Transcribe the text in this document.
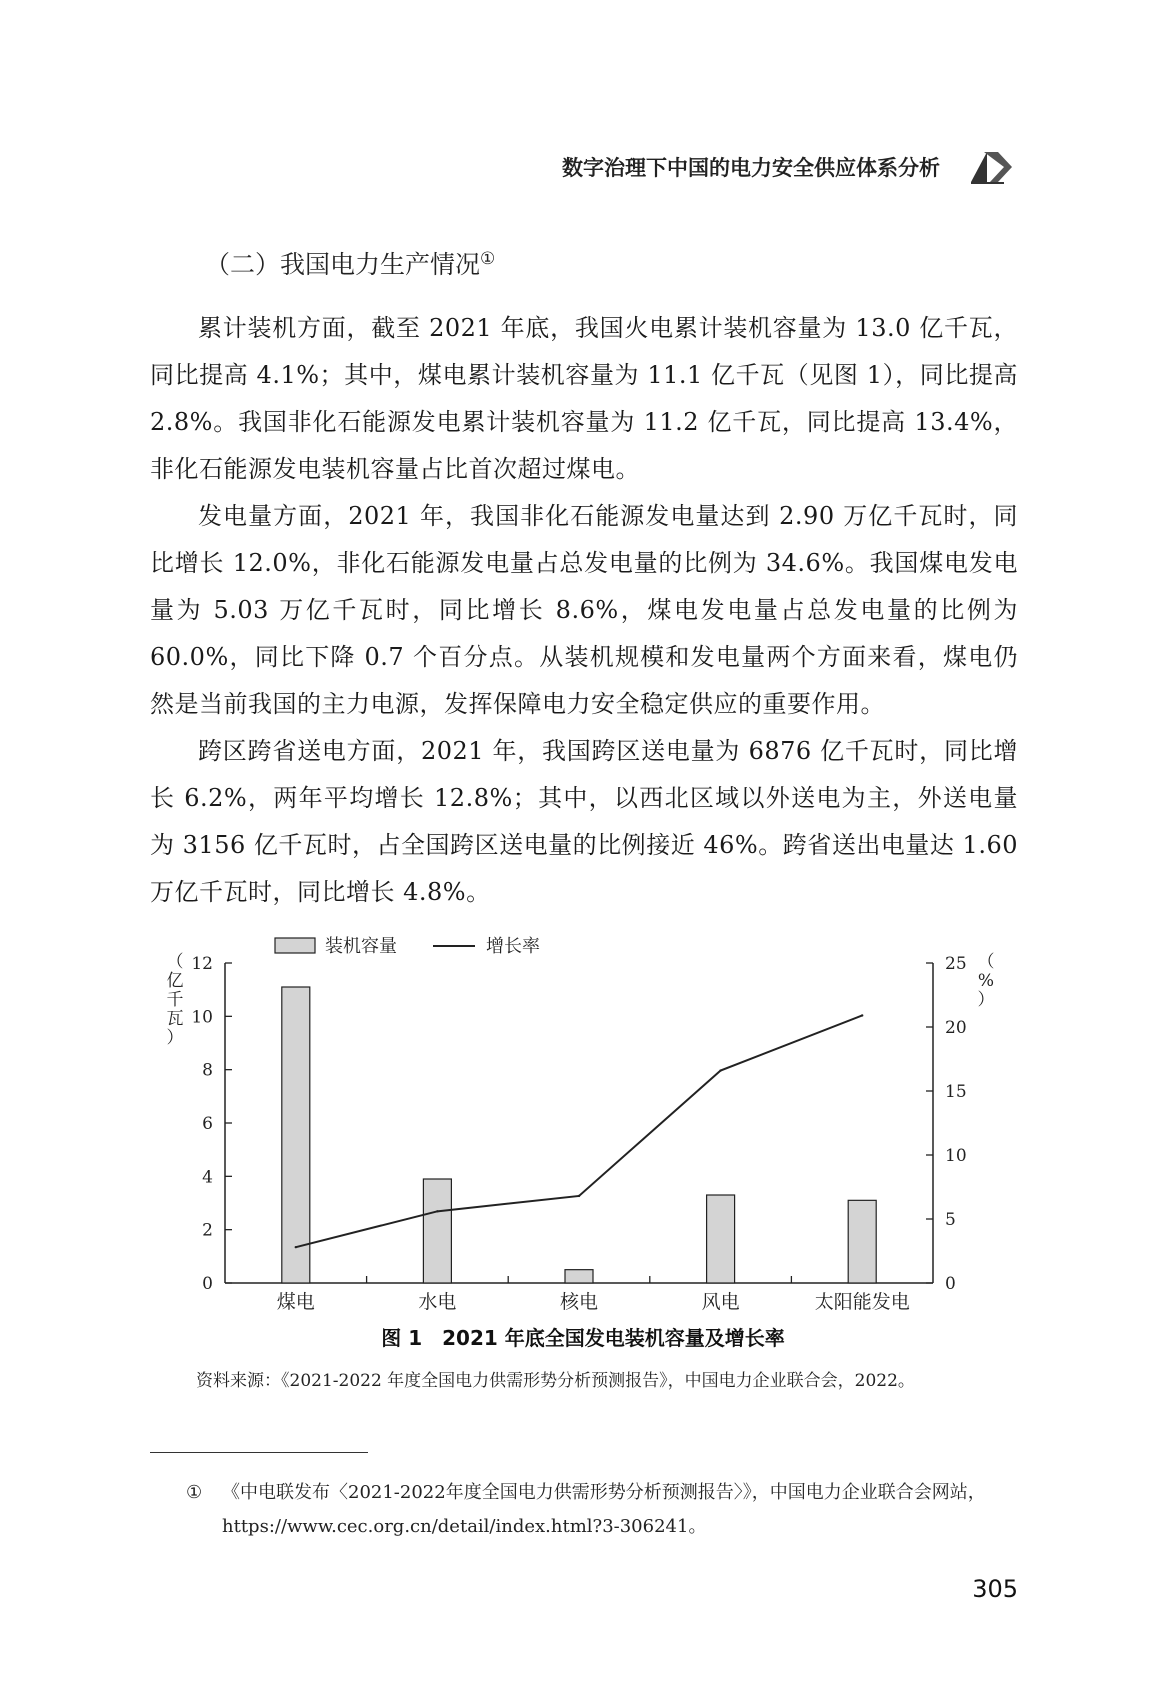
数字治理下中国的电力安全供应体系分析
（二）我国电力生产情况①

累计装机方面，截至 2021 年底，我国火电累计装机容量为 13.0 亿千瓦，同比提高 4.1%；其中，煤电累计装机容量为 11.1 亿千瓦（见图 1），同比提高 2.8%。我国非化石能源发电累计装机容量为 11.2 亿千瓦，同比提高 13.4%，非化石能源发电装机容量占比首次超过煤电。

发电量方面，2021 年，我国非化石能源发电量达到 2.90 万亿千瓦时，同比增长 12.0%，非化石能源发电量占总发电量的比例为 34.6%。我国煤电发电量为 5.03 万亿千瓦时，同比增长 8.6%，煤电发电量占总发电量的比例为 60.0%，同比下降 0.7 个百分点。从装机规模和发电量两个方面来看，煤电仍然是当前我国的主力电源，发挥保障电力安全稳定供应的重要作用。

跨区跨省送电方面，2021 年，我国跨区送电量为 6876 亿千瓦时，同比增长 6.2%，两年平均增长 12.8%；其中，以西北区域以外送电为主，外送电量为 3156 亿千瓦时，占全国跨区送电量的比例接近 46%。跨省送出电量达 1.60 万亿千瓦时，同比增长 4.8%。

0
2
4
6
8
10
12
0
5
10
15
20
25
煤电	水电	核电	风电	太阳能发电
（亿千瓦）
（%）
装机容量	增长率
图 1　2021 年底全国发电装机容量及增长率
资料来源：《2021-2022 年度全国电力供需形势分析预测报告》，中国电力企业联合会，2022。
① 《中电联发布〈2021-2022年度全国电力供需形势分析预测报告〉》，中国电力企业联合会网站，https://www.cec.org.cn/detail/index.html?3-306241。
305
